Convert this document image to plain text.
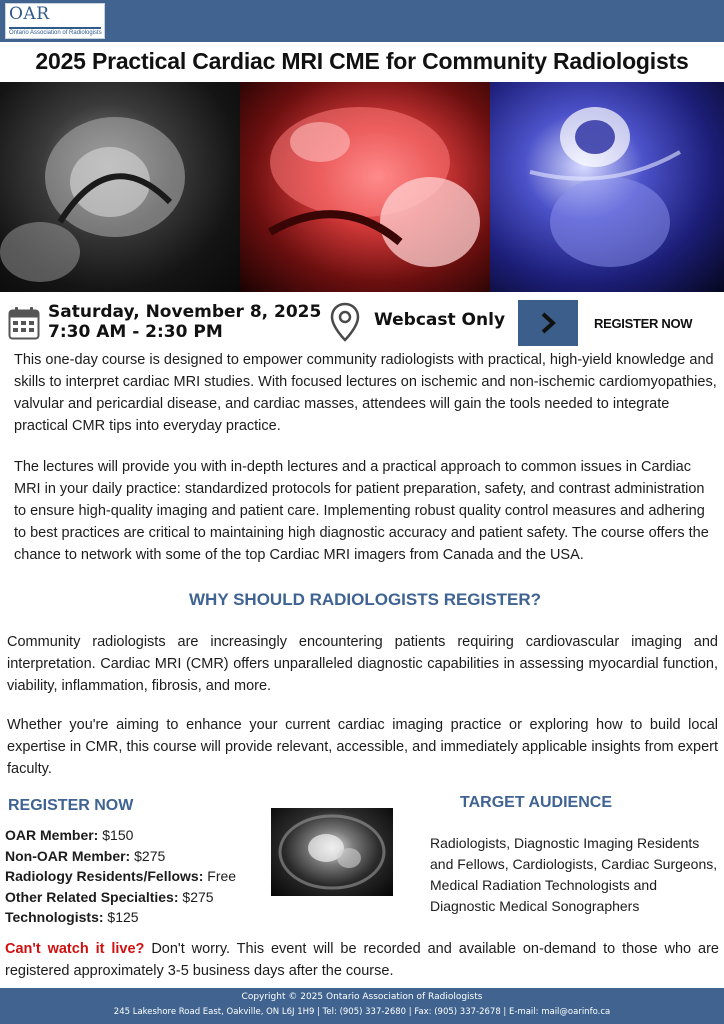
OAR
Ontario Association of Radiologists
2025 Practical Cardiac MRI CME for Community Radiologists
Saturday, November 8, 2025
7:30 AM - 2:30 PM
Webcast Only	REGISTER NOW
This one-day course is designed to empower community radiologists with practical, high-yield knowledge and skills to interpret cardiac MRI studies. With focused lectures on ischemic and non-ischemic cardiomyopathies, valvular and pericardial disease, and cardiac masses, attendees will gain the tools needed to integrate practical CMR tips into everyday practice.
The lectures will provide you with in-depth lectures and a practical approach to common issues in Cardiac MRI in your daily practice: standardized protocols for patient preparation, safety, and contrast administration to ensure high-quality imaging and patient care. Implementing robust quality control measures and adhering to best practices are critical to maintaining high diagnostic accuracy and patient safety. The course offers the chance to network with some of the top Cardiac MRI imagers from Canada and the USA.
WHY SHOULD RADIOLOGISTS REGISTER?
Community radiologists are increasingly encountering patients requiring cardiovascular imaging and interpretation. Cardiac MRI (CMR) offers unparalleled diagnostic capabilities in assessing myocardial function, viability, inflammation, fibrosis, and more.
Whether you're aiming to enhance your current cardiac imaging practice or exploring how to build local expertise in CMR, this course will provide relevant, accessible, and immediately applicable insights from expert faculty.
REGISTER NOW
OAR Member: $150
Non-OAR Member: $275
Radiology Residents/Fellows: Free
Other Related Specialties: $275
Technologists: $125
TARGET AUDIENCE
Radiologists, Diagnostic Imaging Residents and Fellows, Cardiologists, Cardiac Surgeons, Medical Radiation Technologists and Diagnostic Medical Sonographers
Can't watch it live? Don't worry. This event will be recorded and available on-demand to those who are registered approximately 3-5 business days after the course.
Copyright © 2025 Ontario Association of Radiologists
245 Lakeshore Road East, Oakville, ON L6J 1H9 | Tel: (905) 337-2680 | Fax: (905) 337-2678 | E-mail: mail@oarinfo.ca
